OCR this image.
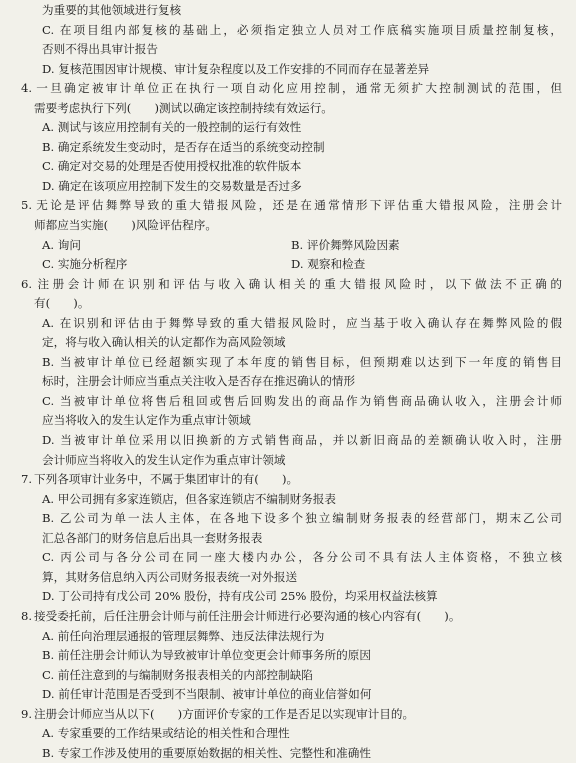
为重要的其他领域进行复核
C. 在项目组内部复核的基础上，必须指定独立人员对工作底稿实施项目质量控制复核，
否则不得出具审计报告
D. 复核范围因审计规模、审计复杂程度以及工作安排的不同而存在显著差异
4. 一旦确定被审计单位正在执行一项自动化应用控制，通常无须扩大控制测试的范围，但
需要考虑执行下列(　　)测试以确定该控制持续有效运行。
A. 测试与该应用控制有关的一般控制的运行有效性
B. 确定系统发生变动时，是否存在适当的系统变动控制
C. 确定对交易的处理是否使用授权批准的软件版本
D. 确定在该项应用控制下发生的交易数量是否过多
5. 无论是评估舞弊导致的重大错报风险，还是在通常情形下评估重大错报风险，注册会计
师都应当实施(　　)风险评估程序。
A. 询问	B. 评价舞弊风险因素
C. 实施分析程序	D. 观察和检查
6. 注册会计师在识别和评估与收入确认相关的重大错报风险时，以下做法不正确的
有(　　)。
A. 在识别和评估由于舞弊导致的重大错报风险时，应当基于收入确认存在舞弊风险的假
定，将与收入确认相关的认定都作为高风险领域
B. 当被审计单位已经超额实现了本年度的销售目标，但预期难以达到下一年度的销售目
标时，注册会计师应当重点关注收入是否存在推迟确认的情形
C. 当被审计单位将售后租回或售后回购发出的商品作为销售商品确认收入，注册会计师
应当将收入的发生认定作为重点审计领域
D. 当被审计单位采用以旧换新的方式销售商品，并以新旧商品的差额确认收入时，注册
会计师应当将收入的发生认定作为重点审计领域
7. 下列各项审计业务中，不属于集团审计的有(　　)。
A. 甲公司拥有多家连锁店，但各家连锁店不编制财务报表
B. 乙公司为单一法人主体，在各地下设多个独立编制财务报表的经营部门，期末乙公司
汇总各部门的财务信息后出具一套财务报表
C. 丙公司与各分公司在同一座大楼内办公，各分公司不具有法人主体资格，不独立核
算，其财务信息纳入丙公司财务报表统一对外报送
D. 丁公司持有戊公司 20% 股份，持有戌公司 25% 股份，均采用权益法核算
8. 接受委托前，后任注册会计师与前任注册会计师进行必要沟通的核心内容有(　　)。
A. 前任向治理层通报的管理层舞弊、违反法律法规行为
B. 前任注册会计师认为导致被审计单位变更会计师事务所的原因
C. 前任注意到的与编制财务报表相关的内部控制缺陷
D. 前任审计范围是否受到不当限制、被审计单位的商业信誉如何
9. 注册会计师应当从以下(　　)方面评价专家的工作是否足以实现审计目的。
A. 专家重要的工作结果或结论的相关性和合理性
B. 专家工作涉及使用的重要原始数据的相关性、完整性和准确性
